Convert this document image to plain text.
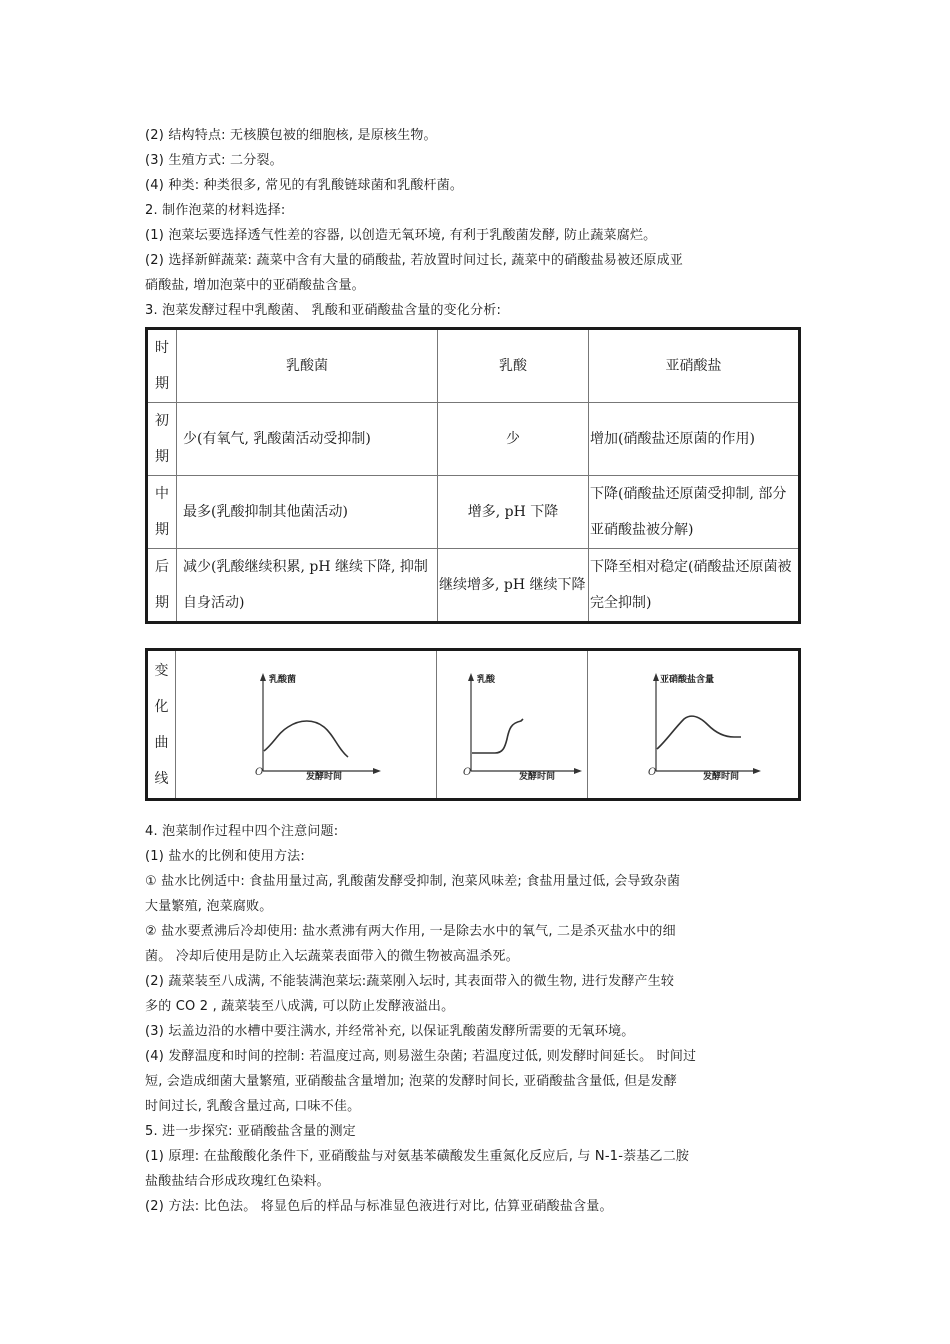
(2) 结构特点: 无核膜包被的细胞核, 是原核生物。
(3) 生殖方式: 二分裂。
(4) 种类: 种类很多, 常见的有乳酸链球菌和乳酸杆菌。
2. 制作泡菜的材料选择:
(1) 泡菜坛要选择透气性差的容器, 以创造无氧环境, 有利于乳酸菌发酵, 防止蔬菜腐烂。
(2) 选择新鲜蔬菜: 蔬菜中含有大量的硝酸盐, 若放置时间过长, 蔬菜中的硝酸盐易被还原成亚
硝酸盐, 增加泡菜中的亚硝酸盐含量。
3. 泡菜发酵过程中乳酸菌、 乳酸和亚硝酸盐含量的变化分析:
时期	乳酸菌	乳酸	亚硝酸盐

初期	少(有氧气, 乳酸菌活动受抑制)	少	增加(硝酸盐还原菌的作用)

中期	最多(乳酸抑制其他菌活动)	增多, pH 下降	下降(硝酸盐还原菌受抑制, 部分亚硝酸盐被分解)

后期	减少(乳酸继续积累, pH 继续下降, 抑制自身活动)	继续增多, pH 继续下降	下降至相对稳定(硝酸盐还原菌被完全抑制)
变化曲线

乳酸菌
O	发酵时间

乳酸
O	发酵时间

亚硝酸盐含量
O	发酵时间
4. 泡菜制作过程中四个注意问题:
(1) 盐水的比例和使用方法:
① 盐水比例适中: 食盐用量过高, 乳酸菌发酵受抑制, 泡菜风味差; 食盐用量过低, 会导致杂菌
大量繁殖, 泡菜腐败。
② 盐水要煮沸后冷却使用: 盐水煮沸有两大作用, 一是除去水中的氧气, 二是杀灭盐水中的细
菌。 冷却后使用是防止入坛蔬菜表面带入的微生物被高温杀死。
(2) 蔬菜装至八成满, 不能装满泡菜坛:蔬菜刚入坛时, 其表面带入的微生物, 进行发酵产生较
多的 CO 2 , 蔬菜装至八成满, 可以防止发酵液溢出。
(3) 坛盖边沿的水槽中要注满水, 并经常补充, 以保证乳酸菌发酵所需要的无氧环境。
(4) 发酵温度和时间的控制: 若温度过高, 则易滋生杂菌; 若温度过低, 则发酵时间延长。 时间过
短, 会造成细菌大量繁殖, 亚硝酸盐含量增加; 泡菜的发酵时间长, 亚硝酸盐含量低, 但是发酵
时间过长, 乳酸含量过高, 口味不佳。
5. 进一步探究: 亚硝酸盐含量的测定
(1) 原理: 在盐酸酸化条件下, 亚硝酸盐与对氨基苯磺酸发生重氮化反应后, 与 N-1-萘基乙二胺
盐酸盐结合形成玫瑰红色染料。
(2) 方法: 比色法。 将显色后的样品与标准显色液进行对比, 估算亚硝酸盐含量。
